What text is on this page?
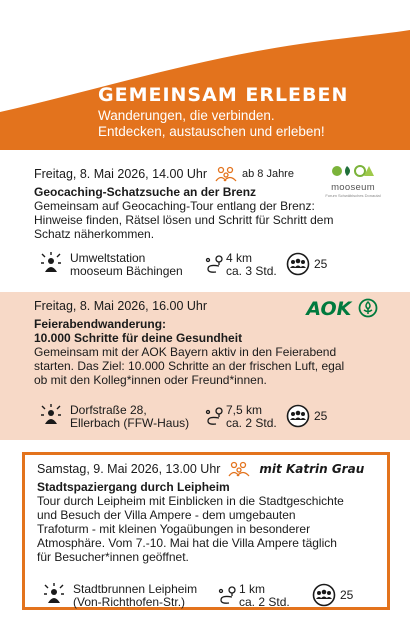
GEMEINSAM ERLEBEN
Wanderungen, die verbinden.
Entdecken, austauschen und erleben!
Freitag, 8. Mai 2026, 14.00 Uhr	ab 8 Jahre
Geocaching-Schatzsuche an der Brenz
Gemeinsam auf Geocaching-Tour entlang der Brenz:
Hinweise finden, Rätsel lösen und Schritt für Schritt dem
Schatz näherkommen.
Umweltstation
mooseum Bächingen
4 km
ca. 3 Std.	25
mooseum
Forum Schwäbisches Donautal
Freitag, 8. Mai 2026, 16.00 Uhr
Feierabendwanderung:
10.000 Schritte für deine Gesundheit
Gemeinsam mit der AOK Bayern aktiv in den Feierabend
starten. Das Ziel: 10.000 Schritte an der frischen Luft, egal
ob mit den Kolleg*innen oder Freund*innen.
Dorfstraße 28,
Ellerbach (FFW-Haus)
7,5 km
ca. 2 Std.	25
AOK
Samstag, 9. Mai 2026, 13.00 Uhr	mit Katrin Grau
Stadtspaziergang durch Leipheim
Tour durch Leipheim mit Einblicken in die Stadtgeschichte
und Besuch der Villa Ampere - dem umgebauten
Trafoturm - mit kleinen Yogaübungen in besonderer
Atmosphäre. Vom 7.-10. Mai hat die Villa Ampere täglich
für Besucher*innen geöffnet.
Stadtbrunnen Leipheim
(Von-Richthofen-Str.)
1 km
ca. 2 Std.	25
